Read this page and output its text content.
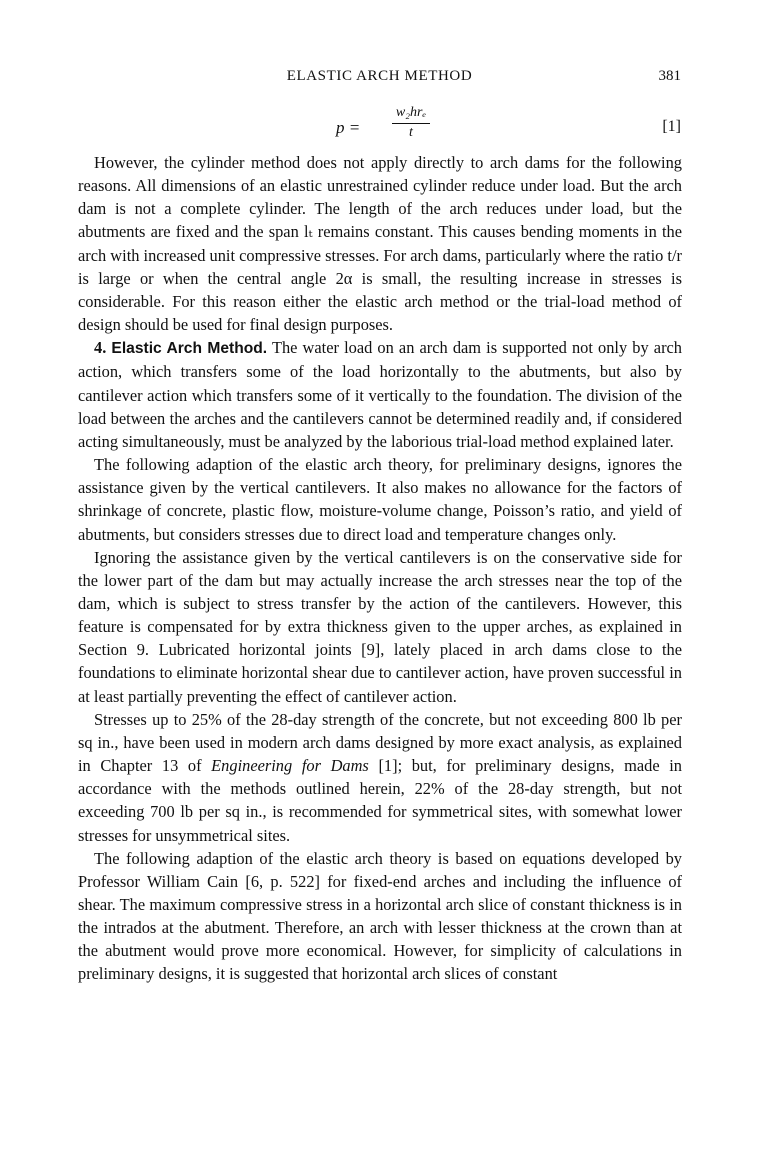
ELASTIC ARCH METHOD	381
p =
w₂hrₑ
t	[1]

However, the cylinder method does not apply directly to arch dams for the following reasons. All dimensions of an elastic unrestrained cylinder reduce under load. But the arch dam is not a complete cylinder. The length of the arch reduces under load, but the abutments are fixed and the span lₜ remains constant. This causes bending moments in the arch with increased unit compressive stresses. For arch dams, particularly where the ratio t/r is large or when the central angle 2α is small, the resulting increase in stresses is considerable. For this reason either the elastic arch method or the trial-load method of design should be used for final design purposes.

4. Elastic Arch Method. The water load on an arch dam is supported not only by arch action, which transfers some of the load horizontally to the abutments, but also by cantilever action which transfers some of it vertically to the foundation. The division of the load between the arches and the cantilevers cannot be determined readily and, if considered acting simultaneously, must be analyzed by the laborious trial-load method explained later.

The following adaption of the elastic arch theory, for preliminary designs, ignores the assistance given by the vertical cantilevers. It also makes no allowance for the factors of shrinkage of concrete, plastic flow, moisture-volume change, Poisson’s ratio, and yield of abutments, but considers stresses due to direct load and temperature changes only.

Ignoring the assistance given by the vertical cantilevers is on the conservative side for the lower part of the dam but may actually increase the arch stresses near the top of the dam, which is subject to stress transfer by the action of the cantilevers. However, this feature is compensated for by extra thickness given to the upper arches, as explained in Section 9. Lubricated horizontal joints [9], lately placed in arch dams close to the foundations to eliminate horizontal shear due to cantilever action, have proven successful in at least partially preventing the effect of cantilever action.

Stresses up to 25% of the 28-day strength of the concrete, but not exceeding 800 lb per sq in., have been used in modern arch dams designed by more exact analysis, as explained in Chapter 13 of Engineering for Dams [1]; but, for preliminary designs, made in accordance with the methods outlined herein, 22% of the 28-day strength, but not exceeding 700 lb per sq in., is recommended for symmetrical sites, with somewhat lower stresses for unsymmetrical sites.

The following adaption of the elastic arch theory is based on equations developed by Professor William Cain [6, p. 522] for fixed-end arches and including the influence of shear. The maximum compressive stress in a horizontal arch slice of constant thickness is in the intrados at the abutment. Therefore, an arch with lesser thickness at the crown than at the abutment would prove more economical. However, for simplicity of calculations in preliminary designs, it is suggested that horizontal arch slices of constant
